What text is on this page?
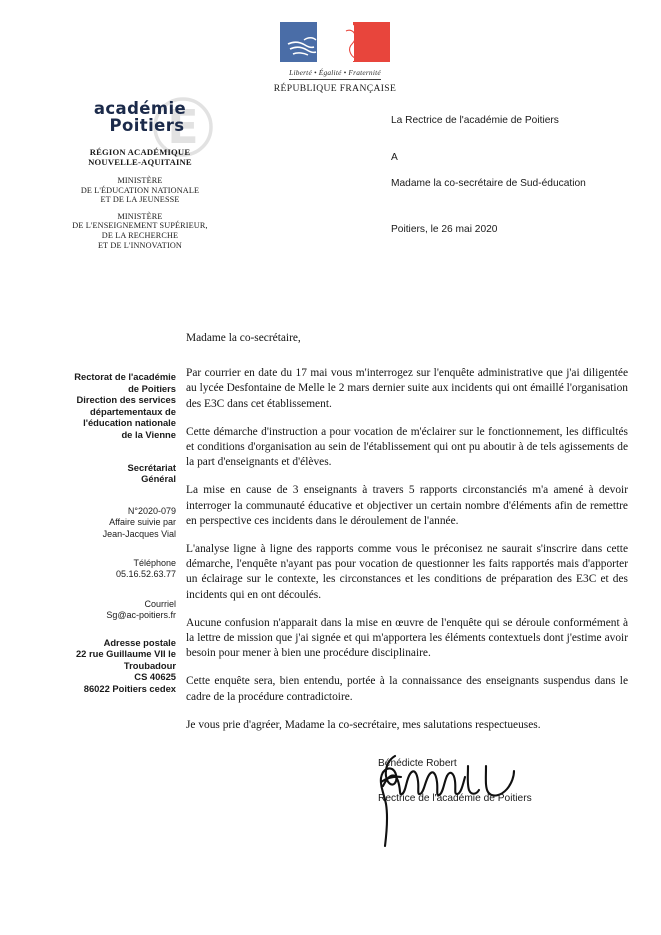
Liberté • Égalité • Fraternité
RÉPUBLIQUE FRANÇAISE
E
académie
Poitiers
RÉGION ACADÉMIQUE
NOUVELLE-AQUITAINE
MINISTÈRE
DE L'ÉDUCATION NATIONALE
ET DE LA JEUNESSE
MINISTÈRE
DE L'ENSEIGNEMENT SUPÉRIEUR,
DE LA RECHERCHE
ET DE L'INNOVATION
La Rectrice de l'académie de Poitiers
A
Madame la co-secrétaire de Sud-éducation
Poitiers, le 26 mai 2020
Rectorat de l'académie
de Poitiers
Direction des services
départementaux de
l'éducation nationale
de la Vienne
Secrétariat
Général
N°2020-079
Affaire suivie par
Jean-Jacques Vial
Téléphone
05.16.52.63.77
Courriel
Sg@ac-poitiers.fr
Adresse postale
22 rue Guillaume VII le
Troubadour
CS 40625
86022 Poitiers cedex

Madame la co-secrétaire,

Par courrier en date du 17 mai vous m'interrogez sur l'enquête administrative que j'ai diligentée au lycée Desfontaine de Melle le 2 mars dernier suite aux incidents qui ont émaillé l'organisation des E3C dans cet établissement.

Cette démarche d'instruction a pour vocation de m'éclairer sur le fonctionnement, les difficultés et conditions d'organisation au sein de l'établissement qui ont pu aboutir à de tels agissements de la part d'enseignants et d'élèves.

La mise en cause de 3 enseignants à travers 5 rapports circonstanciés m'a amené à devoir interroger la communauté éducative et objectiver un certain nombre d'éléments afin de remettre en perspective ces incidents dans le déroulement de l'année.

L'analyse ligne à ligne des rapports comme vous le préconisez ne saurait s'inscrire dans cette démarche, l'enquête n'ayant pas pour vocation de questionner les faits rapportés mais d'apporter un éclairage sur le contexte, les circonstances et les conditions de préparation des E3C et des incidents qui en ont découlés.

Aucune confusion n'apparait dans la mise en œuvre de l'enquête qui se déroule conformément à la lettre de mission que j'ai signée et qui m'apportera les éléments contextuels dont j'estime avoir besoin pour mener à bien une procédure disciplinaire.

Cette enquête sera, bien entendu, portée à la connaissance des enseignants suspendus dans le cadre de la procédure contradictoire.

Je vous prie d'agréer, Madame la co-secrétaire, mes salutations respectueuses.

Bénédicte Robert
Rectrice de l'académie de Poitiers
